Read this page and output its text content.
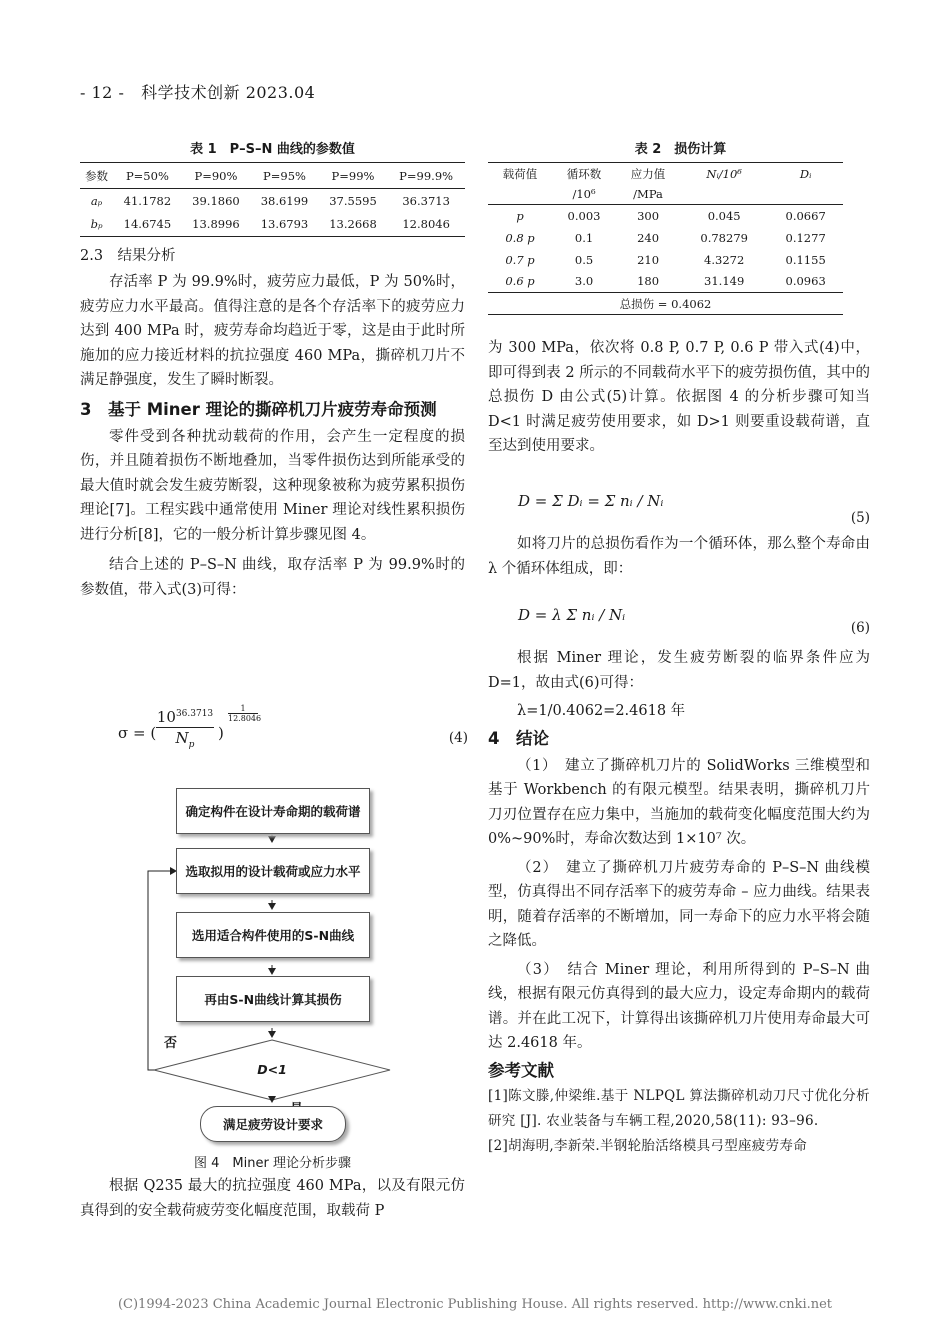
- 12 - 科学技术创新 2023.04
表 1　P–S–N 曲线的参数值
参数	P=50%	P=90%	P=95%	P=99%	P=99.9%
aₚ	41.1782	39.1860	38.6199	37.5595	36.3713
bₚ	14.6745	13.8996	13.6793	13.2668	12.8046

2.3　结果分析

存活率 P 为 99.9%时，疲劳应力最低，P 为 50%时，疲劳应力水平最高。值得注意的是各个存活率下的疲劳应力达到 400 MPa 时，疲劳寿命均趋近于零，这是由于此时所施加的应力接近材料的抗拉强度 460 MPa，撕碎机刀片不满足静强度，发生了瞬时断裂。

3　基于 Miner 理论的撕碎机刀片疲劳寿命预测

零件受到各种扰动载荷的作用，会产生一定程度的损伤，并且随着损伤不断地叠加，当零件损伤达到所能承受的最大值时就会发生疲劳断裂，这种现象被称为疲劳累积损伤理论[7]。工程实践中通常使用 Miner 理论对线性累积损伤进行分析[8]，它的一般分析计算步骤见图 4。

结合上述的 P–S–N 曲线，取存活率 P 为 99.9%时的参数值，带入式(3)可得：

σ = (
$10^{36.3713}$
$N_p$
)
$\frac{1}{12.8046}$
(4)
确定构件在设计寿命期的载荷谱
选取拟用的设计载荷或应力水平
选用适合构件使用的S-N曲线
再由S-N曲线计算其损伤
D<1
否
满足疲劳设计要求
图 4　Miner 理论分析步骤

根据 Q235 最大的抗拉强度 460 MPa，以及有限元仿真得到的安全载荷疲劳变化幅度范围，取载荷 P

表 2　损伤计算
载荷值	循环数	应力值	Nᵢ/10⁶	Dᵢ
	/10⁶	/MPa		
p	0.003	300	0.045	0.0667
0.8 p	0.1	240	0.78279	0.1277
0.7 p	0.5	210	4.3272	0.1155
0.6 p	3.0	180	31.149	0.0963
总损伤 = 0.4062				

为 300 MPa，依次将 0.8 P, 0.7 P, 0.6 P 带入式(4)中，即可得到表 2 所示的不同载荷水平下的疲劳损伤值，其中的总损伤 D 由公式(5)计算。依据图 4 的分析步骤可知当 D<1 时满足疲劳使用要求，如 D>1 则要重设载荷谱，直至达到使用要求。

D = Σ Dᵢ = Σ nᵢ / Nᵢ
(5)

如将刀片的总损伤看作为一个循环体，那么整个寿命由 λ 个循环体组成，即：

D = λ Σ nᵢ / Nᵢ
(6)

根据 Miner 理论，发生疲劳断裂的临界条件应为 D=1，故由式(6)可得：

λ=1/0.4062=2.4618 年

4　结论

（1）　建立了撕碎机刀片的 SolidWorks 三维模型和基于 Workbench 的有限元模型。结果表明，撕碎机刀片刀刃位置存在应力集中，当施加的载荷变化幅度范围大约为 0%~90%时，寿命次数达到 1×10⁷ 次。

（2）　建立了撕碎机刀片疲劳寿命的 P–S–N 曲线模型，仿真得出不同存活率下的疲劳寿命 – 应力曲线。结果表明，随着存活率的不断增加，同一寿命下的应力水平将会随之降低。

（3）　结合 Miner 理论，利用所得到的 P–S–N 曲线，根据有限元仿真得到的最大应力，设定寿命期内的载荷谱。并在此工况下，计算得出该撕碎机刀片使用寿命最大可达 2.4618 年。

参考文献

[1]陈文滕,仲梁维.基于 NLPQL 算法撕碎机动刀尺寸优化分析研究 [J]. 农业装备与车辆工程,2020,58(11): 93–96.

[2]胡海明,李新荣.半钢轮胎活络模具弓型座疲劳寿命

(C)1994-2023 China Academic Journal Electronic Publishing House. All rights reserved. http://www.cnki.net
